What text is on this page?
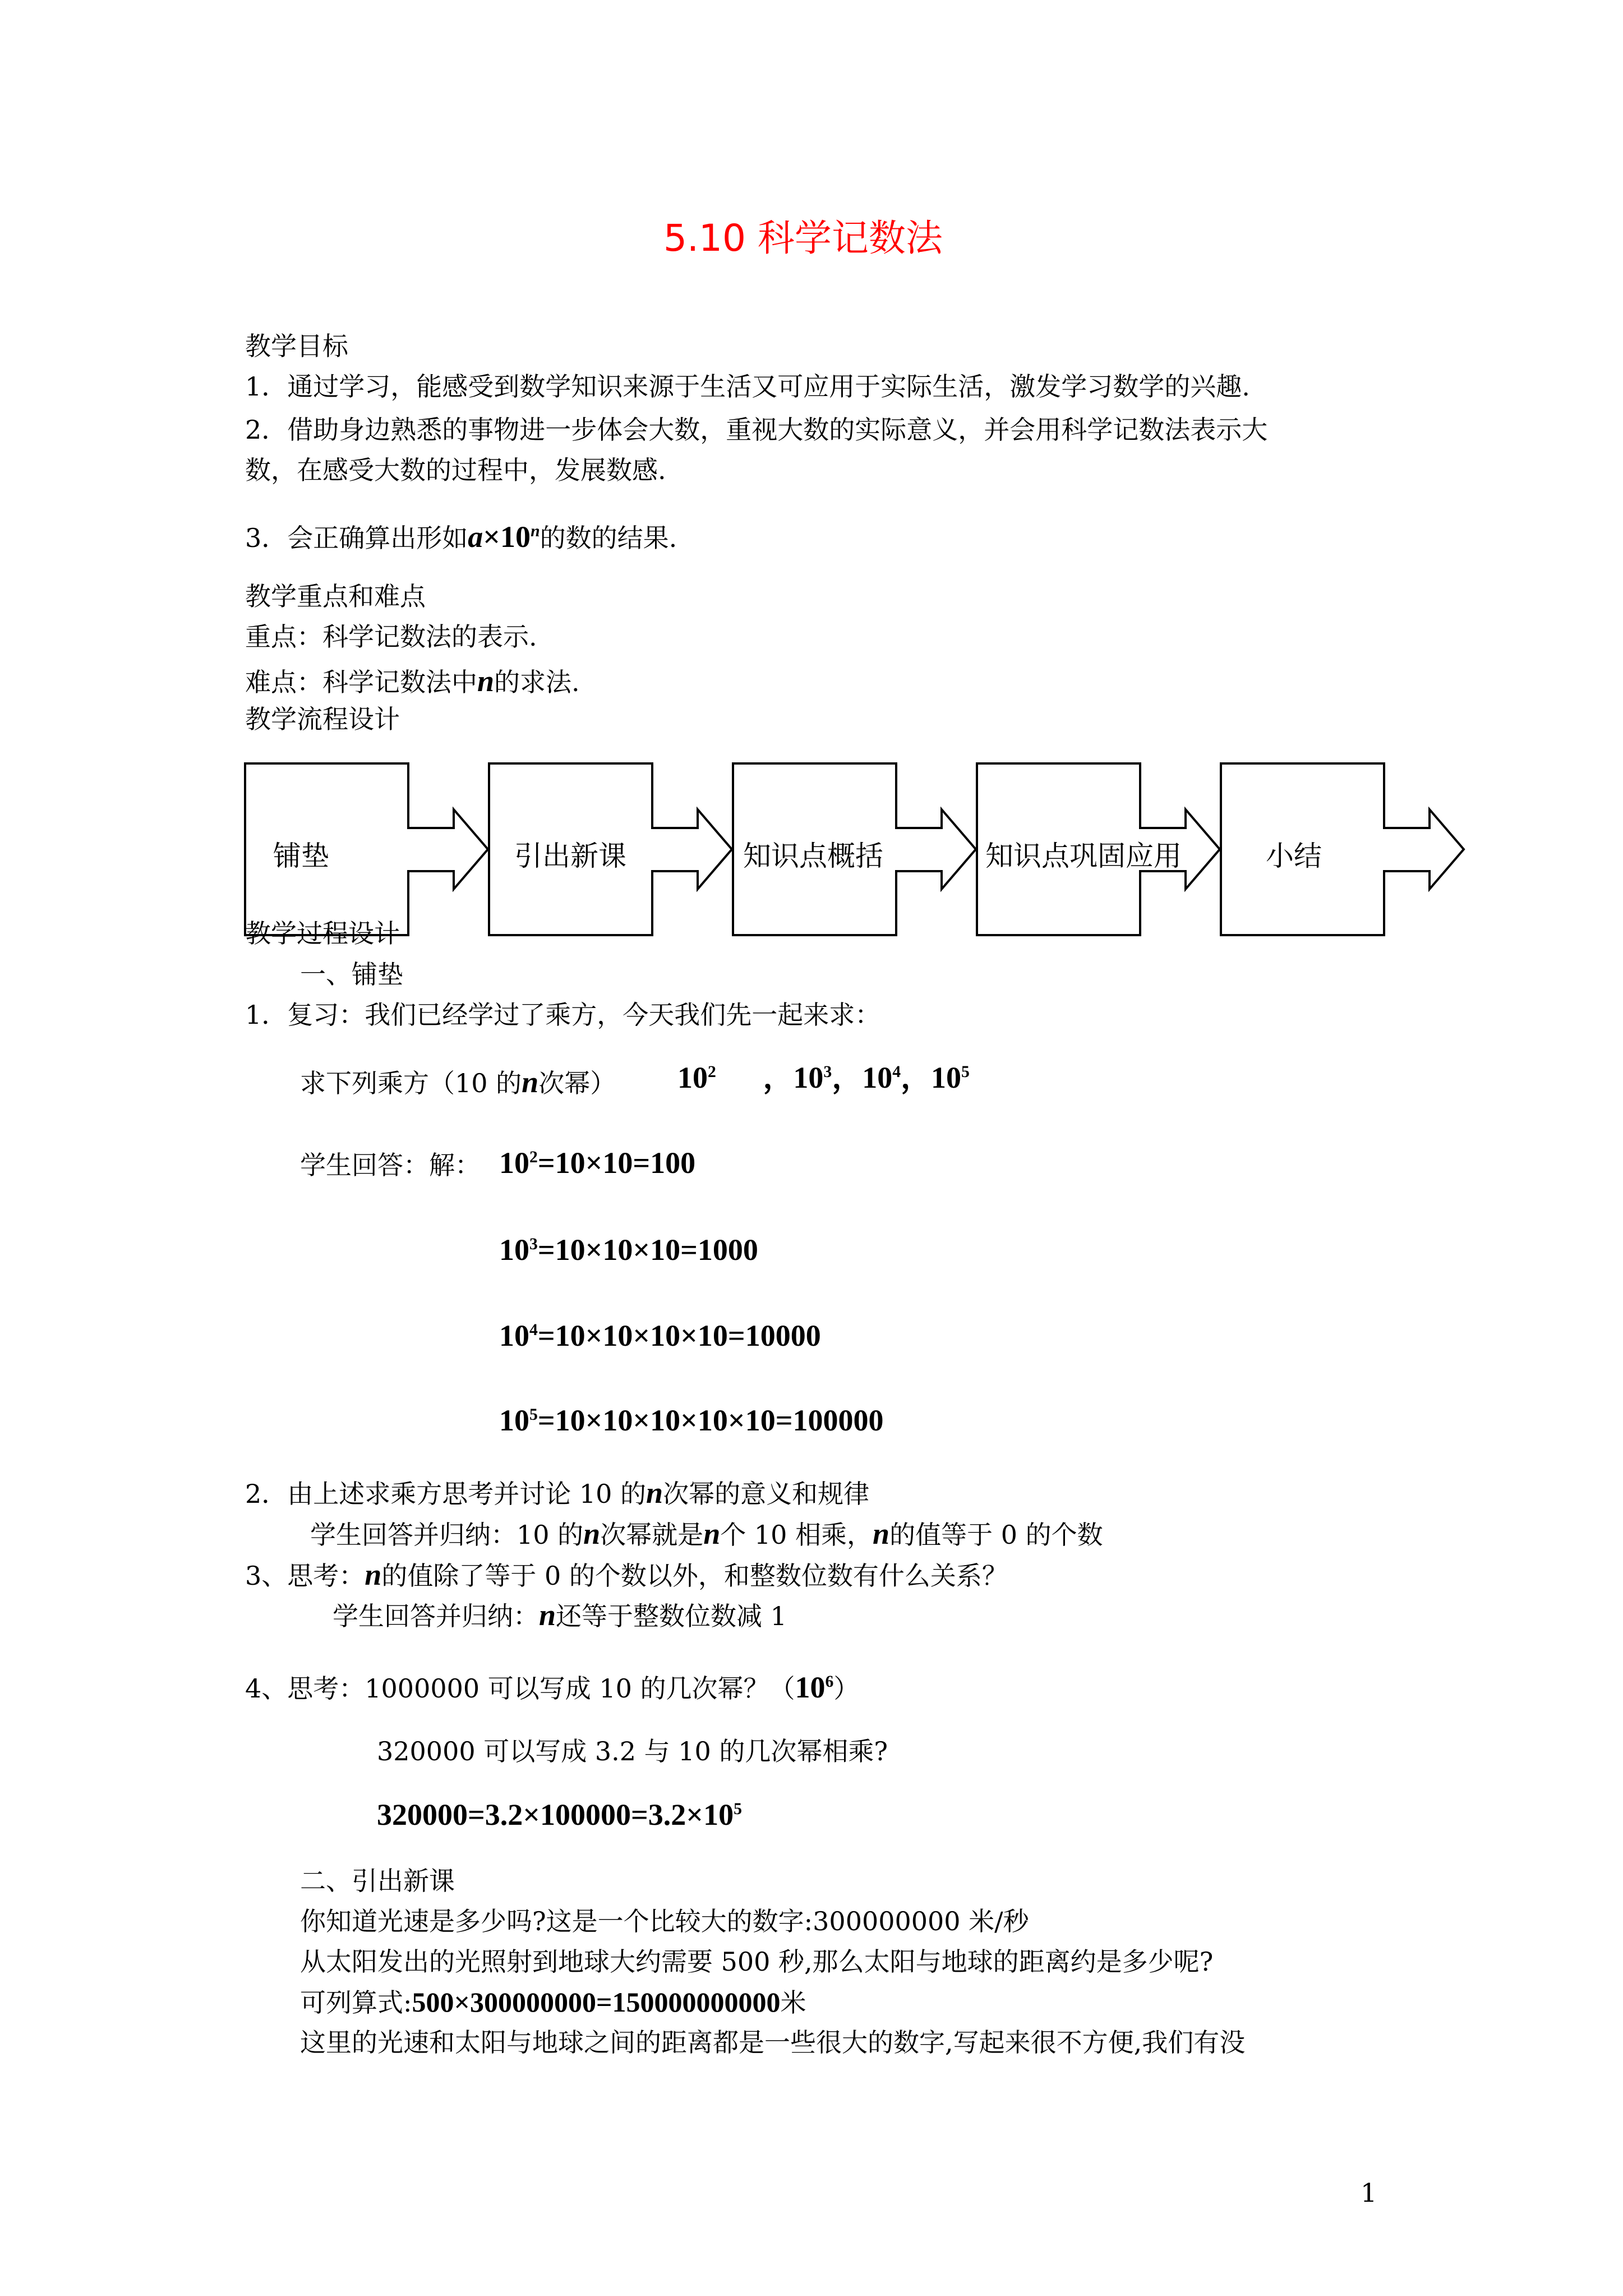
5.10 科学记数法
教学目标
1．通过学习，能感受到数学知识来源于生活又可应用于实际生活，激发学习数学的兴趣.
2．借助身边熟悉的事物进一步体会大数，重视大数的实际意义，并会用科学记数法表示大
数，在感受大数的过程中，发展数感.
3．会正确算出形如$a\times 10^n$的数的结果.
教学重点和难点
重点：科学记数法的表示.
难点：科学记数法中n的求法.
教学流程设计
铺垫	引出新课	知识点概括	知识点巩固应用	小结
教学过程设计
一、铺垫
1．复习：我们已经学过了乘方，今天我们先一起来求：
求下列乘方（10 的n次幂） $10^2$ ，$10^3$，$10^4$，$10^5$
学生回答：解： $10^2=10\times 10=100$
$10^3=10\times 10\times 10=1000$
$10^4=10\times 10\times 10\times 10=10000$
$10^5=10\times 10\times 10\times 10\times 10=100000$
2．由上述求乘方思考并讨论 10 的n次幂的意义和规律
学生回答并归纳：10 的n次幂就是n个 10 相乘，n的值等于 0 的个数
3、思考：n的值除了等于 0 的个数以外，和整数位数有什么关系？
学生回答并归纳：n还等于整数位数减 1
4、思考：1000000 可以写成 10 的几次幂？$(10^6)$
320000 可以写成 3.2 与 10 的几次幂相乘?
$320000=3.2\times 100000=3.2\times 10^5$
二、引出新课
你知道光速是多少吗?这是一个比较大的数字:300000000 米/秒
从太阳发出的光照射到地球大约需要 500 秒,那么太阳与地球的距离约是多少呢?
可列算式:500×300000000=150000000000米
这里的光速和太阳与地球之间的距离都是一些很大的数字,写起来很不方便,我们有没
1
